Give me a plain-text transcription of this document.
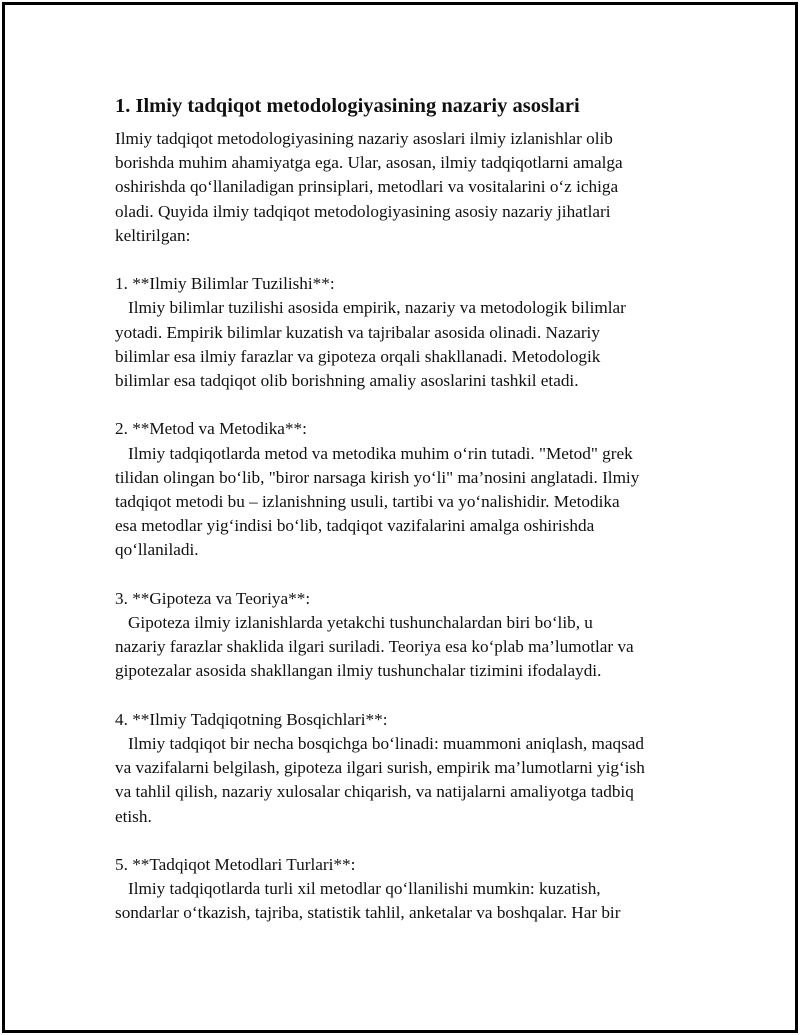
1. Ilmiy tadqiqot metodologiyasining nazariy asoslari

Ilmiy tadqiqot metodologiyasining nazariy asoslari ilmiy izlanishlar olib
borishda muhim ahamiyatga ega. Ular, asosan, ilmiy tadqiqotlarni amalga
oshirishda qo‘llaniladigan prinsiplari, metodlari va vositalarini o‘z ichiga
oladi. Quyida ilmiy tadqiqot metodologiyasining asosiy nazariy jihatlari
keltirilgan:

1. **Ilmiy Bilimlar Tuzilishi**:
Ilmiy bilimlar tuzilishi asosida empirik, nazariy va metodologik bilimlar
yotadi. Empirik bilimlar kuzatish va tajribalar asosida olinadi. Nazariy
bilimlar esa ilmiy farazlar va gipoteza orqali shakllanadi. Metodologik
bilimlar esa tadqiqot olib borishning amaliy asoslarini tashkil etadi.
2. **Metod va Metodika**:
Ilmiy tadqiqotlarda metod va metodika muhim o‘rin tutadi. "Metod" grek
tilidan olingan bo‘lib, "biror narsaga kirish yo‘li" ma’nosini anglatadi. Ilmiy
tadqiqot metodi bu – izlanishning usuli, tartibi va yo‘nalishidir. Metodika
esa metodlar yig‘indisi bo‘lib, tadqiqot vazifalarini amalga oshirishda
qo‘llaniladi.
3. **Gipoteza va Teoriya**:
Gipoteza ilmiy izlanishlarda yetakchi tushunchalardan biri bo‘lib, u
nazariy farazlar shaklida ilgari suriladi. Teoriya esa ko‘plab ma’lumotlar va
gipotezalar asosida shakllangan ilmiy tushunchalar tizimini ifodalaydi.
4. **Ilmiy Tadqiqotning Bosqichlari**:
Ilmiy tadqiqot bir necha bosqichga bo‘linadi: muammoni aniqlash, maqsad
va vazifalarni belgilash, gipoteza ilgari surish, empirik ma’lumotlarni yig‘ish
va tahlil qilish, nazariy xulosalar chiqarish, va natijalarni amaliyotga tadbiq
etish.
5. **Tadqiqot Metodlari Turlari**:
Ilmiy tadqiqotlarda turli xil metodlar qo‘llanilishi mumkin: kuzatish,
sondarlar o‘tkazish, tajriba, statistik tahlil, anketalar va boshqalar. Har bir
